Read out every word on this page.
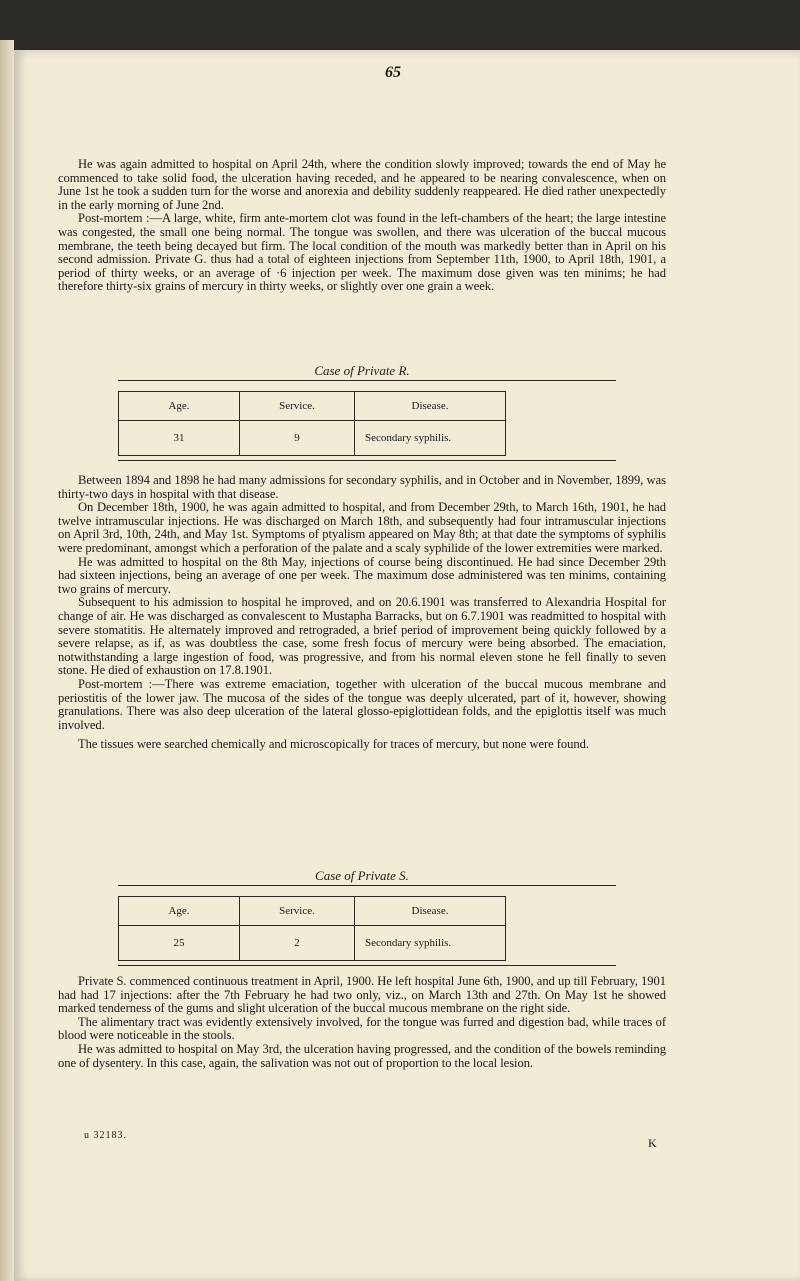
65

He was again admitted to hospital on April 24th, where the condition slowly improved; towards the end of May he commenced to take solid food, the ulceration having receded, and he appeared to be nearing convalescence, when on June 1st he took a sudden turn for the worse and anorexia and debility suddenly reappeared. He died rather unexpectedly in the early morning of June 2nd.

Post-mortem :—A large, white, firm ante-mortem clot was found in the left-chambers of the heart; the large intestine was congested, the small one being normal. The tongue was swollen, and there was ulceration of the buccal mucous membrane, the teeth being decayed but firm. The local condition of the mouth was markedly better than in April on his second admission. Private G. thus had a total of eighteen injections from September 11th, 1900, to April 18th, 1901, a period of thirty weeks, or an average of ·6 injection per week. The maximum dose given was ten minims; he had therefore thirty-six grains of mercury in thirty weeks, or slightly over one grain a week.

Case of Private R.
Age.	Service.	Disease.	
31	9	Secondary syphilis.	

Between 1894 and 1898 he had many admissions for secondary syphilis, and in October and in November, 1899, was thirty-two days in hospital with that disease.

On December 18th, 1900, he was again admitted to hospital, and from December 29th, to March 16th, 1901, he had twelve intramuscular injections. He was discharged on March 18th, and subsequently had four intramuscular injections on April 3rd, 10th, 24th, and May 1st. Symptoms of ptyalism appeared on May 8th; at that date the symptoms of syphilis were predominant, amongst which a perforation of the palate and a scaly syphilide of the lower extremities were marked.

He was admitted to hospital on the 8th May, injections of course being discontinued. He had since December 29th had sixteen injections, being an average of one per week. The maximum dose administered was ten minims, containing two grains of mercury.

Subsequent to his admission to hospital he improved, and on 20.6.1901 was transferred to Alexandria Hospital for change of air. He was discharged as convalescent to Mustapha Barracks, but on 6.7.1901 was readmitted to hospital with severe stomatitis. He alternately improved and retrograded, a brief period of improvement being quickly followed by a severe relapse, as if, as was doubtless the case, some fresh focus of mercury were being absorbed. The emaciation, notwithstanding a large ingestion of food, was progressive, and from his normal eleven stone he fell finally to seven stone. He died of exhaustion on 17.8.1901.

Post-mortem :—There was extreme emaciation, together with ulceration of the buccal mucous membrane and periostitis of the lower jaw. The mucosa of the sides of the tongue was deeply ulcerated, part of it, however, showing granulations. There was also deep ulceration of the lateral glosso-epiglottidean folds, and the epiglottis itself was much involved.

The tissues were searched chemically and microscopically for traces of mercury, but none were found.

Case of Private S.
Age.	Service.	Disease.	
25	2	Secondary syphilis.	

Private S. commenced continuous treatment in April, 1900. He left hospital June 6th, 1900, and up till February, 1901 had had 17 injections: after the 7th February he had two only, viz., on March 13th and 27th. On May 1st he showed marked tenderness of the gums and slight ulceration of the buccal mucous membrane on the right side.

The alimentary tract was evidently extensively involved, for the tongue was furred and digestion bad, while traces of blood were noticeable in the stools.

He was admitted to hospital on May 3rd, the ulceration having progressed, and the condition of the bowels reminding one of dysentery. In this case, again, the salivation was not out of proportion to the local lesion.

u 32183.
K
